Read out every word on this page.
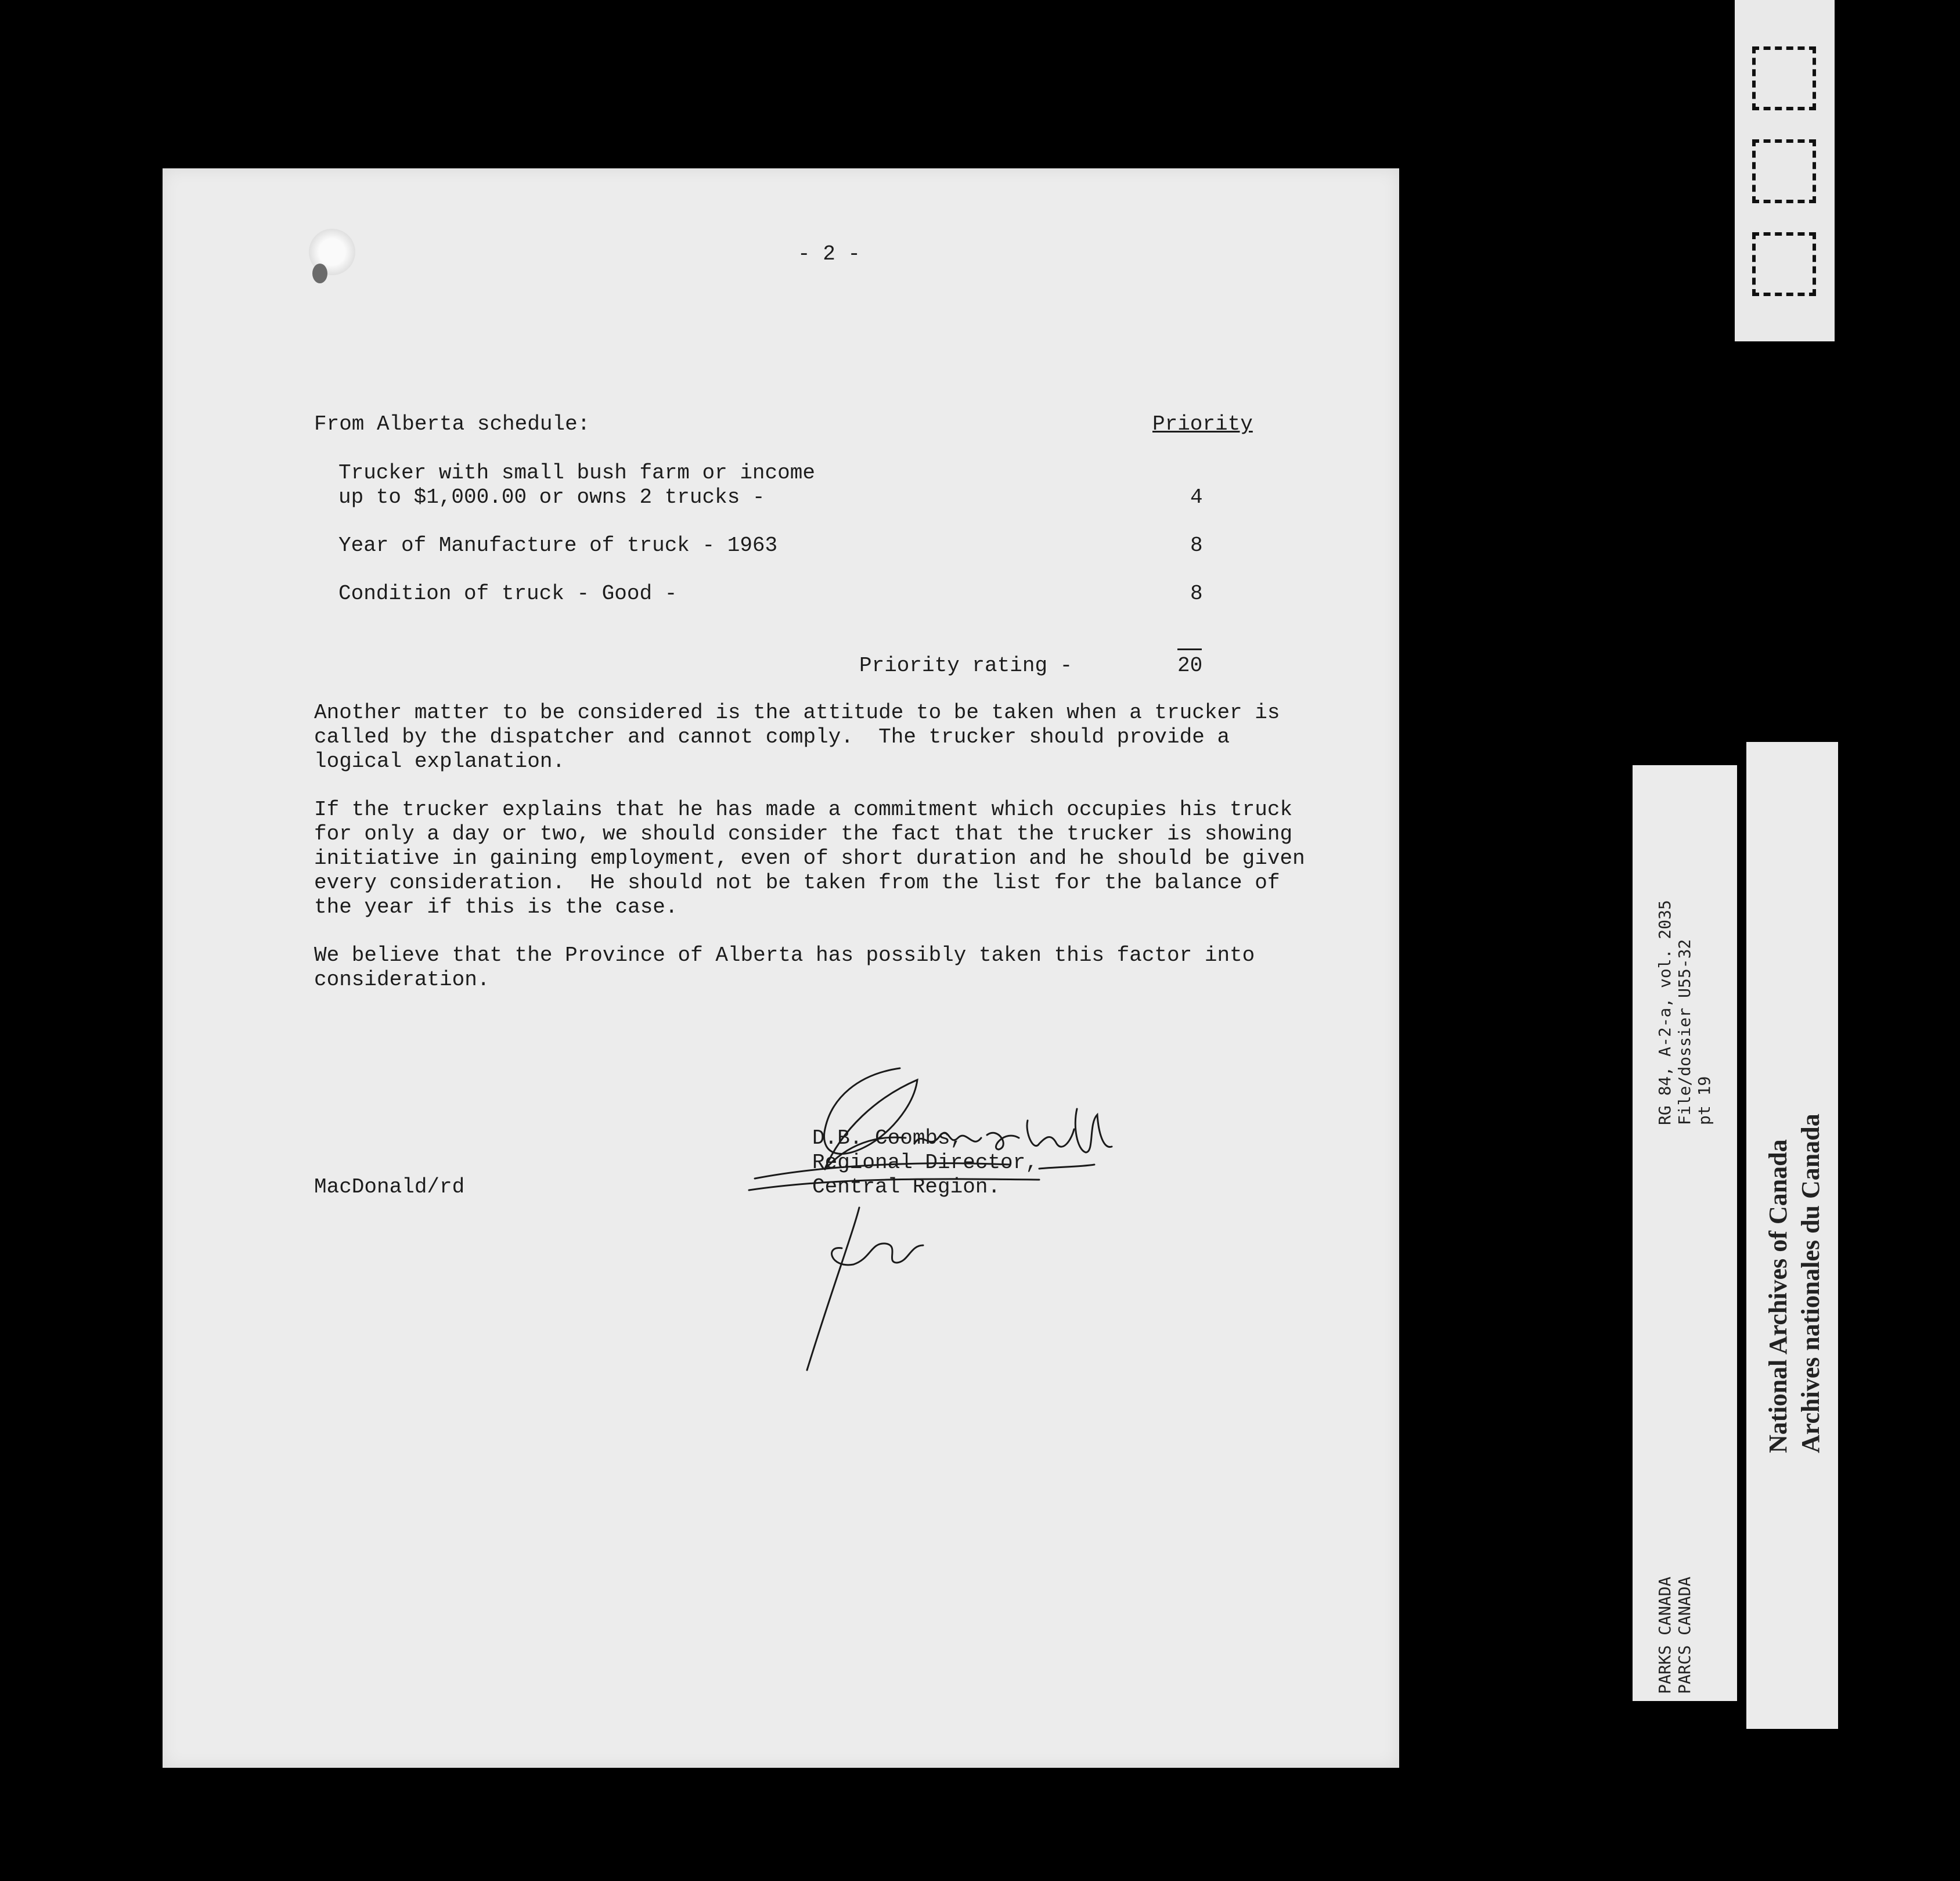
- 2 -
From Alberta schedule:	Priority
Trucker with small bush farm or income
up to $1,000.00 or owns 2 trucks -	4
Year of Manufacture of truck - 1963	8
Condition of truck - Good -	8
Priority rating -	20
Another matter to be considered is the attitude to be taken when a trucker is
called by the dispatcher and cannot comply.  The trucker should provide a
logical explanation.
If the trucker explains that he has made a commitment which occupies his truck
for only a day or two, we should consider the fact that the trucker is showing
initiative in gaining employment, even of short duration and he should be given
every consideration.  He should not be taken from the list for the balance of
the year if this is the case.
We believe that the Province of Alberta has possibly taken this factor into
consideration.
D.B. Coombs,
Regional Director,
Central Region.
MacDonald/rd
RG 84, A-2-a, vol. 2035 File/dossier U55-32 pt 19
PARKS CANADA PARCS CANADA
National Archives of Canada Archives nationales du Canada
